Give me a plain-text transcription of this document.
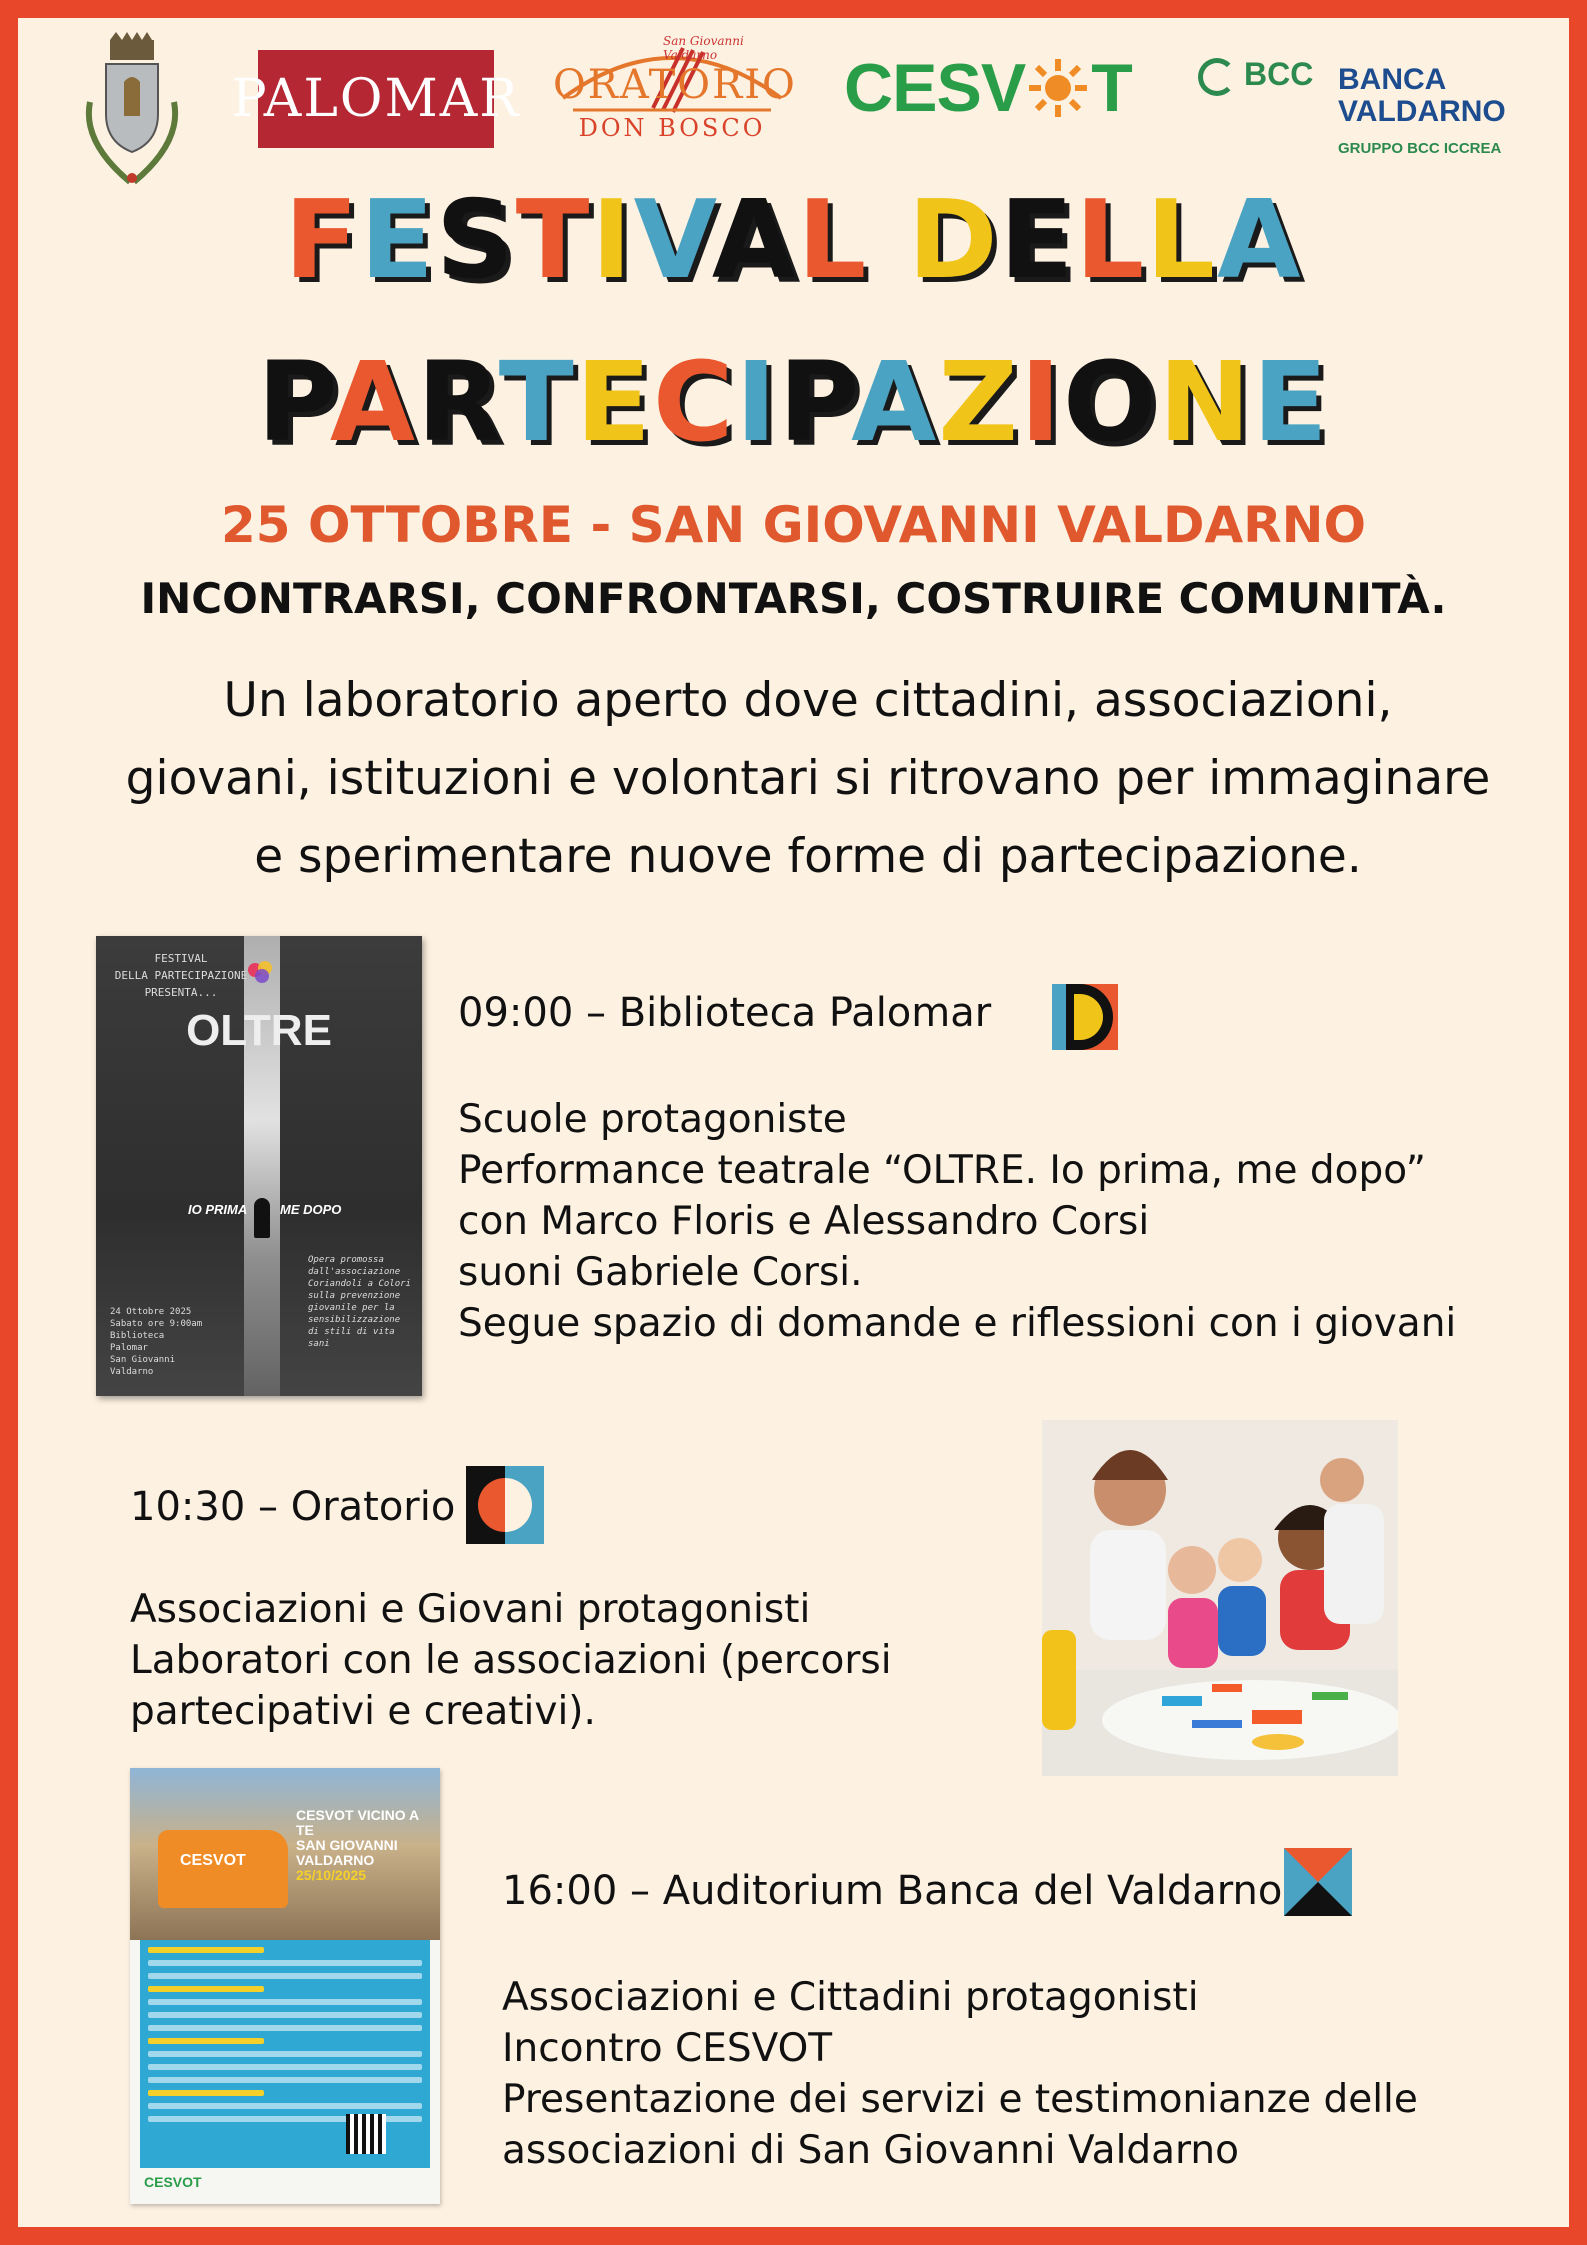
PALOMAR
San Giovanni Valdarno
ORATORIO
DON BOSCO
CESV T	BCC BANCA
VALDARNO
GRUPPO BCC ICCREA
FESTIVAL DELLA
PARTECIPAZIONE
25 OTTOBRE - SAN GIOVANNI VALDARNO
INCONTRARSI, CONFRONTARSI, COSTRUIRE COMUNITÀ.
Un laboratorio aperto dove cittadini, associazioni,
giovani, istituzioni e volontari si ritrovano per immaginare
e sperimentare nuove forme di partecipazione.
FESTIVAL
DELLA PARTECIPAZIONE
PRESENTA...
OLTRE
IO PRIMA	ME DOPO
Opera promossa dall'associazione Coriandoli a Colori sulla prevenzione giovanile per la sensibilizzazione di stili di vita sani
24 Ottobre 2025
Sabato ore 9:00am
Biblioteca
Palomar
San Giovanni
Valdarno
09:00 – Biblioteca Palomar
Scuole protagoniste
Performance teatrale “OLTRE. Io prima, me dopo”
con Marco Floris e Alessandro Corsi
suoni Gabriele Corsi.
Segue spazio di domande e riflessioni con i giovani
10:30 – Oratorio
Associazioni e Giovani protagonisti
Laboratori con le associazioni (percorsi
partecipativi e creativi).
CESVOT
CESVOT VICINO A TE
SAN GIOVANNI VALDARNO
25/10/2025
CESVOT
16:00 – Auditorium Banca del Valdarno
Associazioni e Cittadini protagonisti
Incontro CESVOT
Presentazione dei servizi e testimonianze delle
associazioni di San Giovanni Valdarno
